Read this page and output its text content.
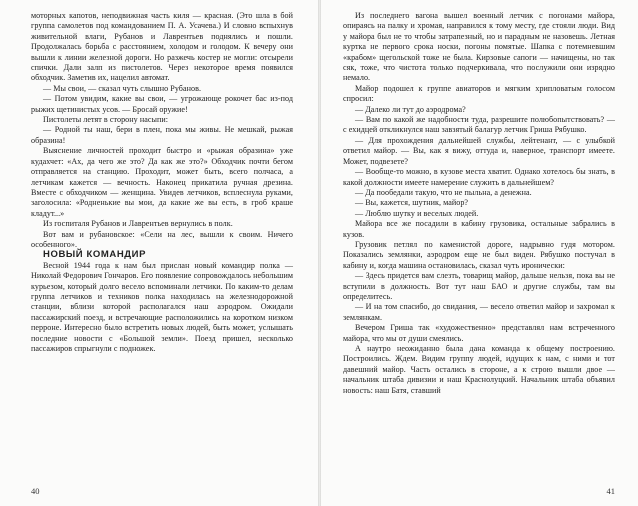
моторных капотов, неподвижная часть киля — красная. (Это шла в бой группа самолетов под командованием П. А. Усачева.) И словно вспыхнув живительной влаги, Рубанов и Лаврентьев поднялись и пошли. Продолжалась борьба с расстоянием, холодом и голодом. К вечеру они вышли к линии железной дороги. Но разжечь костер не могли: отсырели спички. Дали залп из пистолетов. Через некоторое время появился обходчик. Заметив их, нацелил автомат.

— Мы свои, — сказал чуть слышно Рубанов.

— Потом увидим, какие вы свои, — угрожающе рокочет бас из-под рыжих щетинистых усов. — Бросай оружие!

Пистолеты летят в сторону насыпи:

— Родной ты наш, бери в плен, пока мы живы. Не мешкай, рыжая образина!

Выяснение личностей проходит быстро и «рыжая образина» уже кудахчет: «Ах, да чего же это? Да как же это?» Обходчик почти бегом отправляется на станцию. Проходит, может быть, всего полчаса, а летчикам кажется — вечность. Наконец прикатила ручная дрезина. Вместе с обходчиком — женщина. Увидев летчиков, всплеснула руками, заголосила: «Родненькие вы мои, да какие же вы есть, в гроб краше кладут...»

Из госпиталя Рубанов и Лаврентьев вернулись в полк.

Вот вам и рубановское: «Сели на лес, вышли к своим. Ничего особенного».

НОВЫЙ КОМАНДИР

Весной 1944 года к нам был прислан новый командир полка — Николай Федорович Гончаров. Его появление сопровождалось небольшим курьезом, который долго весело вспоминали летчики. По каким-то делам группа летчиков и техников полка находилась на железнодорожной станции, вблизи которой располагался наш аэродром. Ожидали пассажирский поезд, и встречающие расположились на коротком низком перроне. Интересно было встретить новых людей, быть может, услышать последние новости с «Большой земли». Поезд пришел, несколько пассажиров спрыгнули с подножек.

40

Из последнего вагона вышел военный летчик с погонами майора, опираясь на палку и хромая, направился к тому месту, где стояли люди. Вид у майора был не то чтобы затрапезный, но и парадным не назовешь. Летная куртка не первого срока носки, погоны помятые. Шапка с потемневшим «крабом» щегольской тоже не была. Кирзовые сапоги — начищены, но так сяк, тоже, что чистота только подчеркивала, что послужили они изрядно немало.

Майор подошел к группе авиаторов и мягким хрипловатым голосом спросил:

— Далеко ли тут до аэродрома?

— Вам по какой же надобности туда, разрешите полюбопытствовать? — с ехидцей откликнулся наш завзятый балагур летчик Гриша Рябушко.

— Для прохождения дальнейшей службы, лейтенант, — с улыбкой ответил майор. — Вы, как я вижу, оттуда и, наверное, транспорт имеете. Может, подвезете?

— Вообще-то можно, в кузове места хватит. Однако хотелось бы знать, в какой должности имеете намерение служить в дальнейшем?

— Да пообедали такую, что не пыльна, а денежна.

— Вы, кажется, шутник, майор?

— Люблю шутку и веселых людей.

Майора все же посадили в кабину грузовика, остальные забрались в кузов.

Грузовик петлял по каменистой дороге, надрывно гудя мотором. Показались землянки, аэродром еще не был виден. Рябушко постучал в кабину и, когда машина остановилась, сказал чуть иронически:

— Здесь придется вам слезть, товарищ майор, дальше нельзя, пока вы не вступили в должность. Вот тут наш БАО и другие службы, там вы определитесь.

— И на том спасибо, до свидания, — весело ответил майор и захромал к землянкам.

Вечером Гриша так «художественно» представлял нам встреченного майора, что мы от души смеялись.

А наутро неожиданно была дана команда к общему построению. Построились. Ждем. Видим группу людей, идущих к нам, с ними и тот давешний майор. Часть остались в стороне, а к строю вышли двое — начальник штаба дивизии и наш Краснолуцкий. Начальник штаба объявил новость: наш Батя, ставший

41
